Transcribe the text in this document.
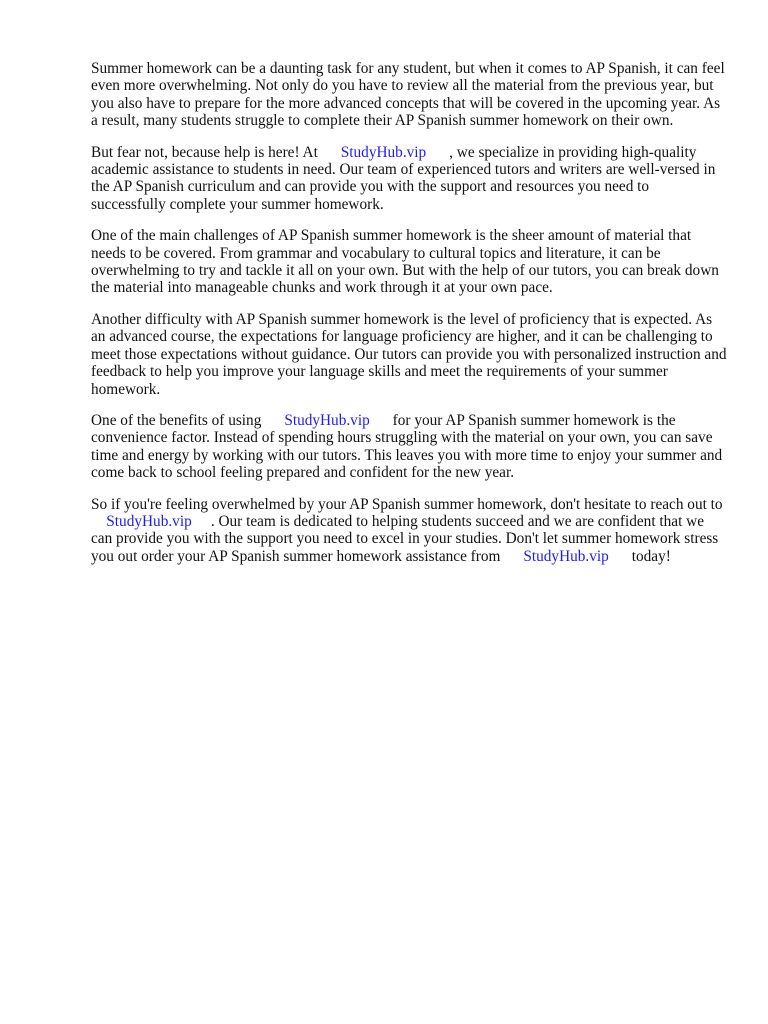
Summer homework can be a daunting task for any student, but when it comes to AP Spanish, it can feel even more overwhelming. Not only do you have to review all the material from the previous year, but you also have to prepare for the more advanced concepts that will be covered in the upcoming year. As a result, many students struggle to complete their AP Spanish summer homework on their own.

But fear not, because help is here! At      StudyHub.vip      , we specialize in providing high-quality academic assistance to students in need. Our team of experienced tutors and writers are well-versed in the AP Spanish curriculum and can provide you with the support and resources you need to successfully complete your summer homework.

One of the main challenges of AP Spanish summer homework is the sheer amount of material that needs to be covered. From grammar and vocabulary to cultural topics and literature, it can be overwhelming to try and tackle it all on your own. But with the help of our tutors, you can break down the material into manageable chunks and work through it at your own pace.

Another difficulty with AP Spanish summer homework is the level of proficiency that is expected. As an advanced course, the expectations for language proficiency are higher, and it can be challenging to meet those expectations without guidance. Our tutors can provide you with personalized instruction and feedback to help you improve your language skills and meet the requirements of your summer homework.

One of the benefits of using      StudyHub.vip      for your AP Spanish summer homework is the convenience factor. Instead of spending hours struggling with the material on your own, you can save time and energy by working with our tutors. This leaves you with more time to enjoy your summer and come back to school feeling prepared and confident for the new year.

So if you're feeling overwhelmed by your AP Spanish summer homework, don't hesitate to reach out to     StudyHub.vip     . Our team is dedicated to helping students succeed and we are confident that we can provide you with the support you need to excel in your studies. Don't let summer homework stress you out order your AP Spanish summer homework assistance from      StudyHub.vip      today!
